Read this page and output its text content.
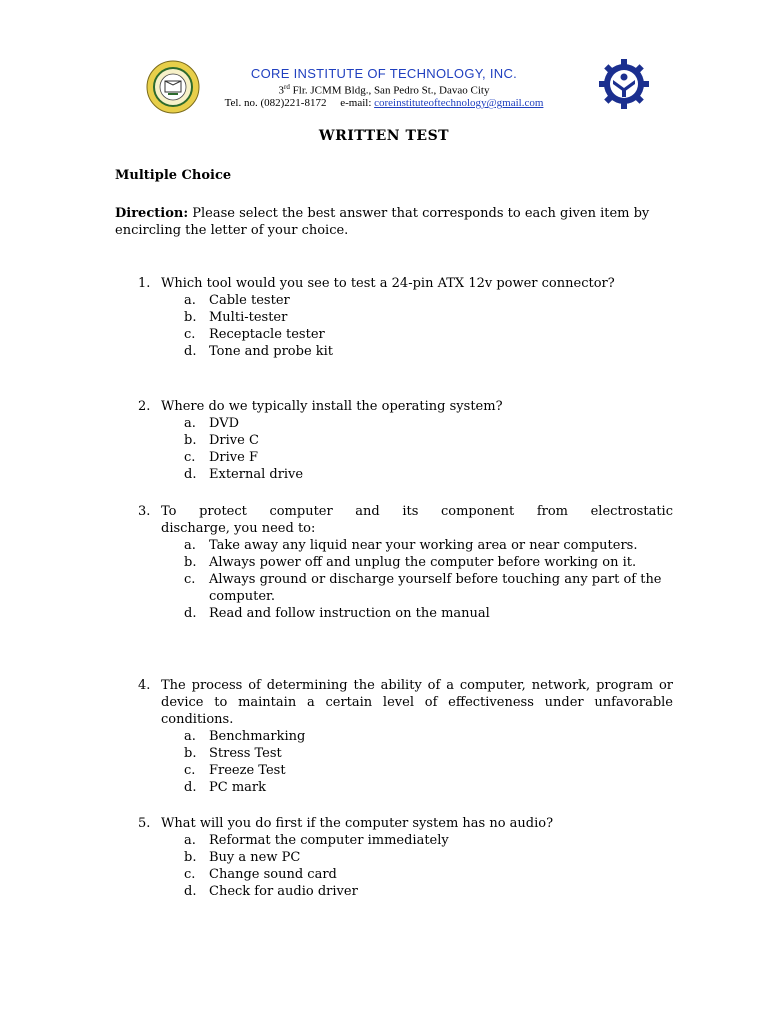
CORE INSTITUTE OF TECHNOLOGY, INC.
3rd Flr. JCMM Bldg., San Pedro St., Davao City
Tel. no. (082)221-8172 e-mail: coreinstituteoftechnology@gmail.com
WRITTEN TEST
Multiple Choice
Direction: Please select the best answer that corresponds to each given item by encircling the letter of your choice.
1. Which tool would you see to test a 24-pin ATX 12v power connector?
a. Cable tester
b. Multi-tester
c. Receptacle tester
d. Tone and probe kit
2. Where do we typically install the operating system?
a. DVD
b. Drive C
c. Drive F
d. External drive
3. To protect computer and its component from electrostatic
discharge, you need to:
a. Take away any liquid near your working area or near computers.
b. Always power off and unplug the computer before working on it.
c. Always ground or discharge yourself before touching any part of the computer.
d. Read and follow instruction on the manual
4. The process of determining the ability of a computer, network, program or device to maintain a certain level of effectiveness under unfavorable conditions.
a. Benchmarking
b. Stress Test
c. Freeze Test
d. PC mark
5. What will you do first if the computer system has no audio?
a. Reformat the computer immediately
b. Buy a new PC
c. Change sound card
d. Check for audio driver
